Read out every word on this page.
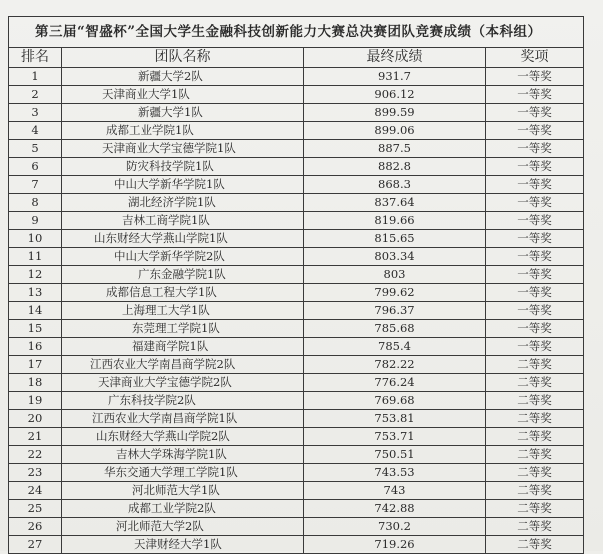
第三届“智盛杯”全国大学生金融科技创新能力大赛总决赛团队竞赛成绩（本科组）			
排名	团队名称	最终成绩	奖项
1	新疆大学2队	931.7	一等奖
2	天津商业大学1队	906.12	一等奖
3	新疆大学1队	899.59	一等奖
4	成都工业学院1队	899.06	一等奖
5	天津商业大学宝德学院1队	887.5	一等奖
6	防灾科技学院1队	882.8	一等奖
7	中山大学新华学院1队	868.3	一等奖
8	湖北经济学院1队	837.64	一等奖
9	吉林工商学院1队	819.66	一等奖
10	山东财经大学燕山学院1队	815.65	一等奖
11	中山大学新华学院2队	803.34	一等奖
12	广东金融学院1队	803	一等奖
13	成都信息工程大学1队	799.62	一等奖
14	上海理工大学1队	796.37	一等奖
15	东莞理工学院1队	785.68	一等奖
16	福建商学院1队	785.4	一等奖
17	江西农业大学南昌商学院2队	782.22	二等奖
18	天津商业大学宝德学院2队	776.24	二等奖
19	广东科技学院2队	769.68	二等奖
20	江西农业大学南昌商学院1队	753.81	二等奖
21	山东财经大学燕山学院2队	753.71	二等奖
22	吉林大学珠海学院1队	750.51	二等奖
23	华东交通大学理工学院1队	743.53	二等奖
24	河北师范大学1队	743	二等奖
25	成都工业学院2队	742.88	二等奖
26	河北师范大学2队	730.2	二等奖
27	天津财经大学1队	719.26	二等奖
